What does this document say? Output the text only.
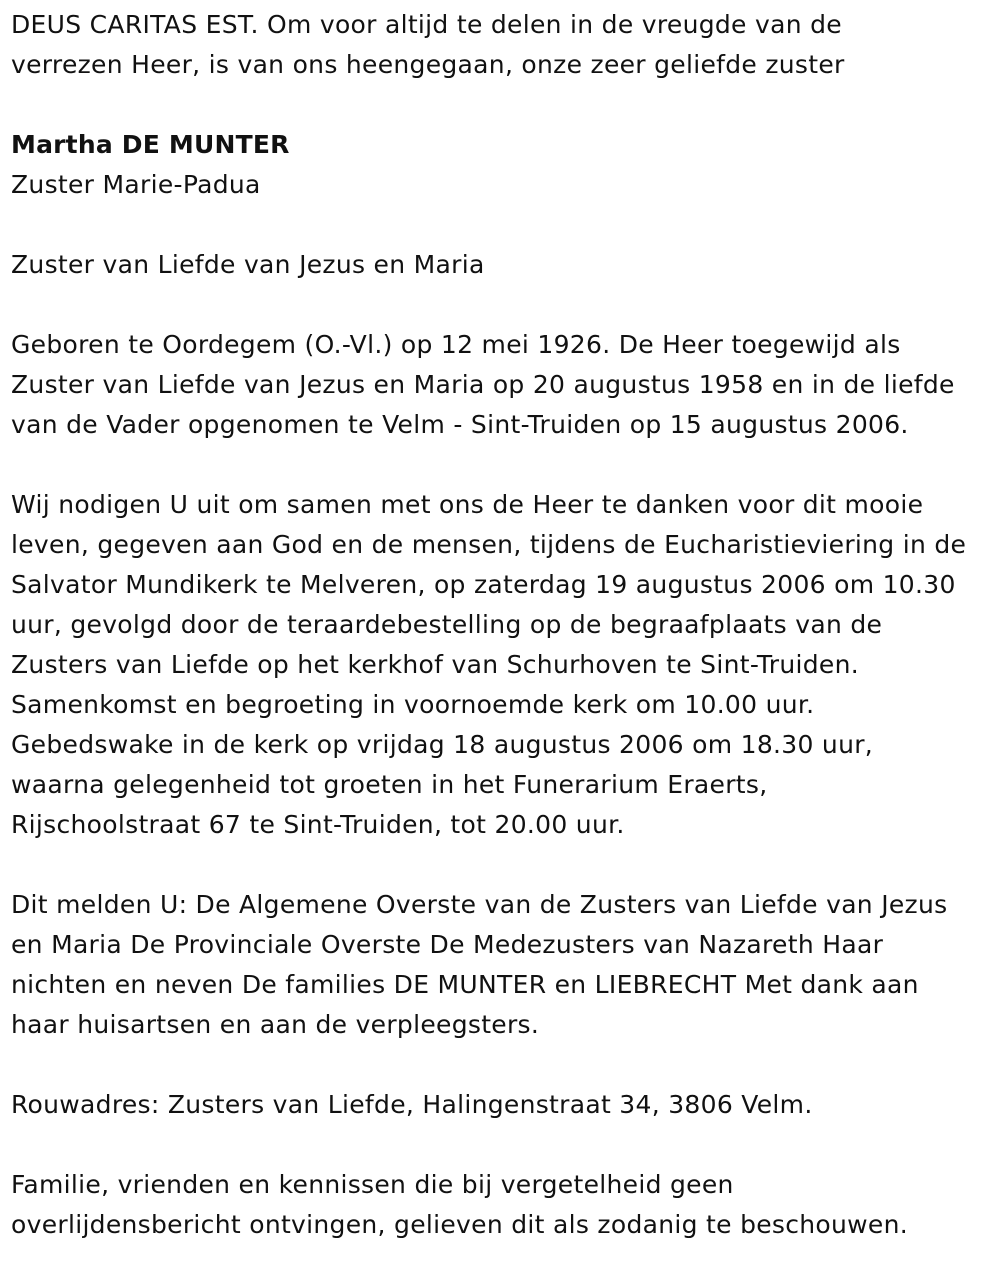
DEUS CARITAS EST. Om voor altijd te delen in de vreugde van de
verrezen Heer, is van ons heengegaan, onze zeer geliefde zuster

Martha DE MUNTER

Zuster Marie-Padua

Zuster van Liefde van Jezus en Maria

Geboren te Oordegem (O.-Vl.) op 12 mei 1926. De Heer toegewijd als
Zuster van Liefde van Jezus en Maria op 20 augustus 1958 en in de liefde
van de Vader opgenomen te Velm - Sint-Truiden op 15 augustus 2006.

Wij nodigen U uit om samen met ons de Heer te danken voor dit mooie
leven, gegeven aan God en de mensen, tijdens de Eucharistieviering in de
Salvator Mundikerk te Melveren, op zaterdag 19 augustus 2006 om 10.30
uur, gevolgd door de teraardebestelling op de begraafplaats van de
Zusters van Liefde op het kerkhof van Schurhoven te Sint-Truiden.
Samenkomst en begroeting in voornoemde kerk om 10.00 uur.
Gebedswake in de kerk op vrijdag 18 augustus 2006 om 18.30 uur,
waarna gelegenheid tot groeten in het Funerarium Eraerts,
Rijschoolstraat 67 te Sint-Truiden, tot 20.00 uur.

Dit melden U: De Algemene Overste van de Zusters van Liefde van Jezus
en Maria De Provinciale Overste De Medezusters van Nazareth Haar
nichten en neven De families DE MUNTER en LIEBRECHT Met dank aan
haar huisartsen en aan de verpleegsters.

Rouwadres: Zusters van Liefde, Halingenstraat 34, 3806 Velm.

Familie, vrienden en kennissen die bij vergetelheid geen
overlijdensbericht ontvingen, gelieven dit als zodanig te beschouwen.
